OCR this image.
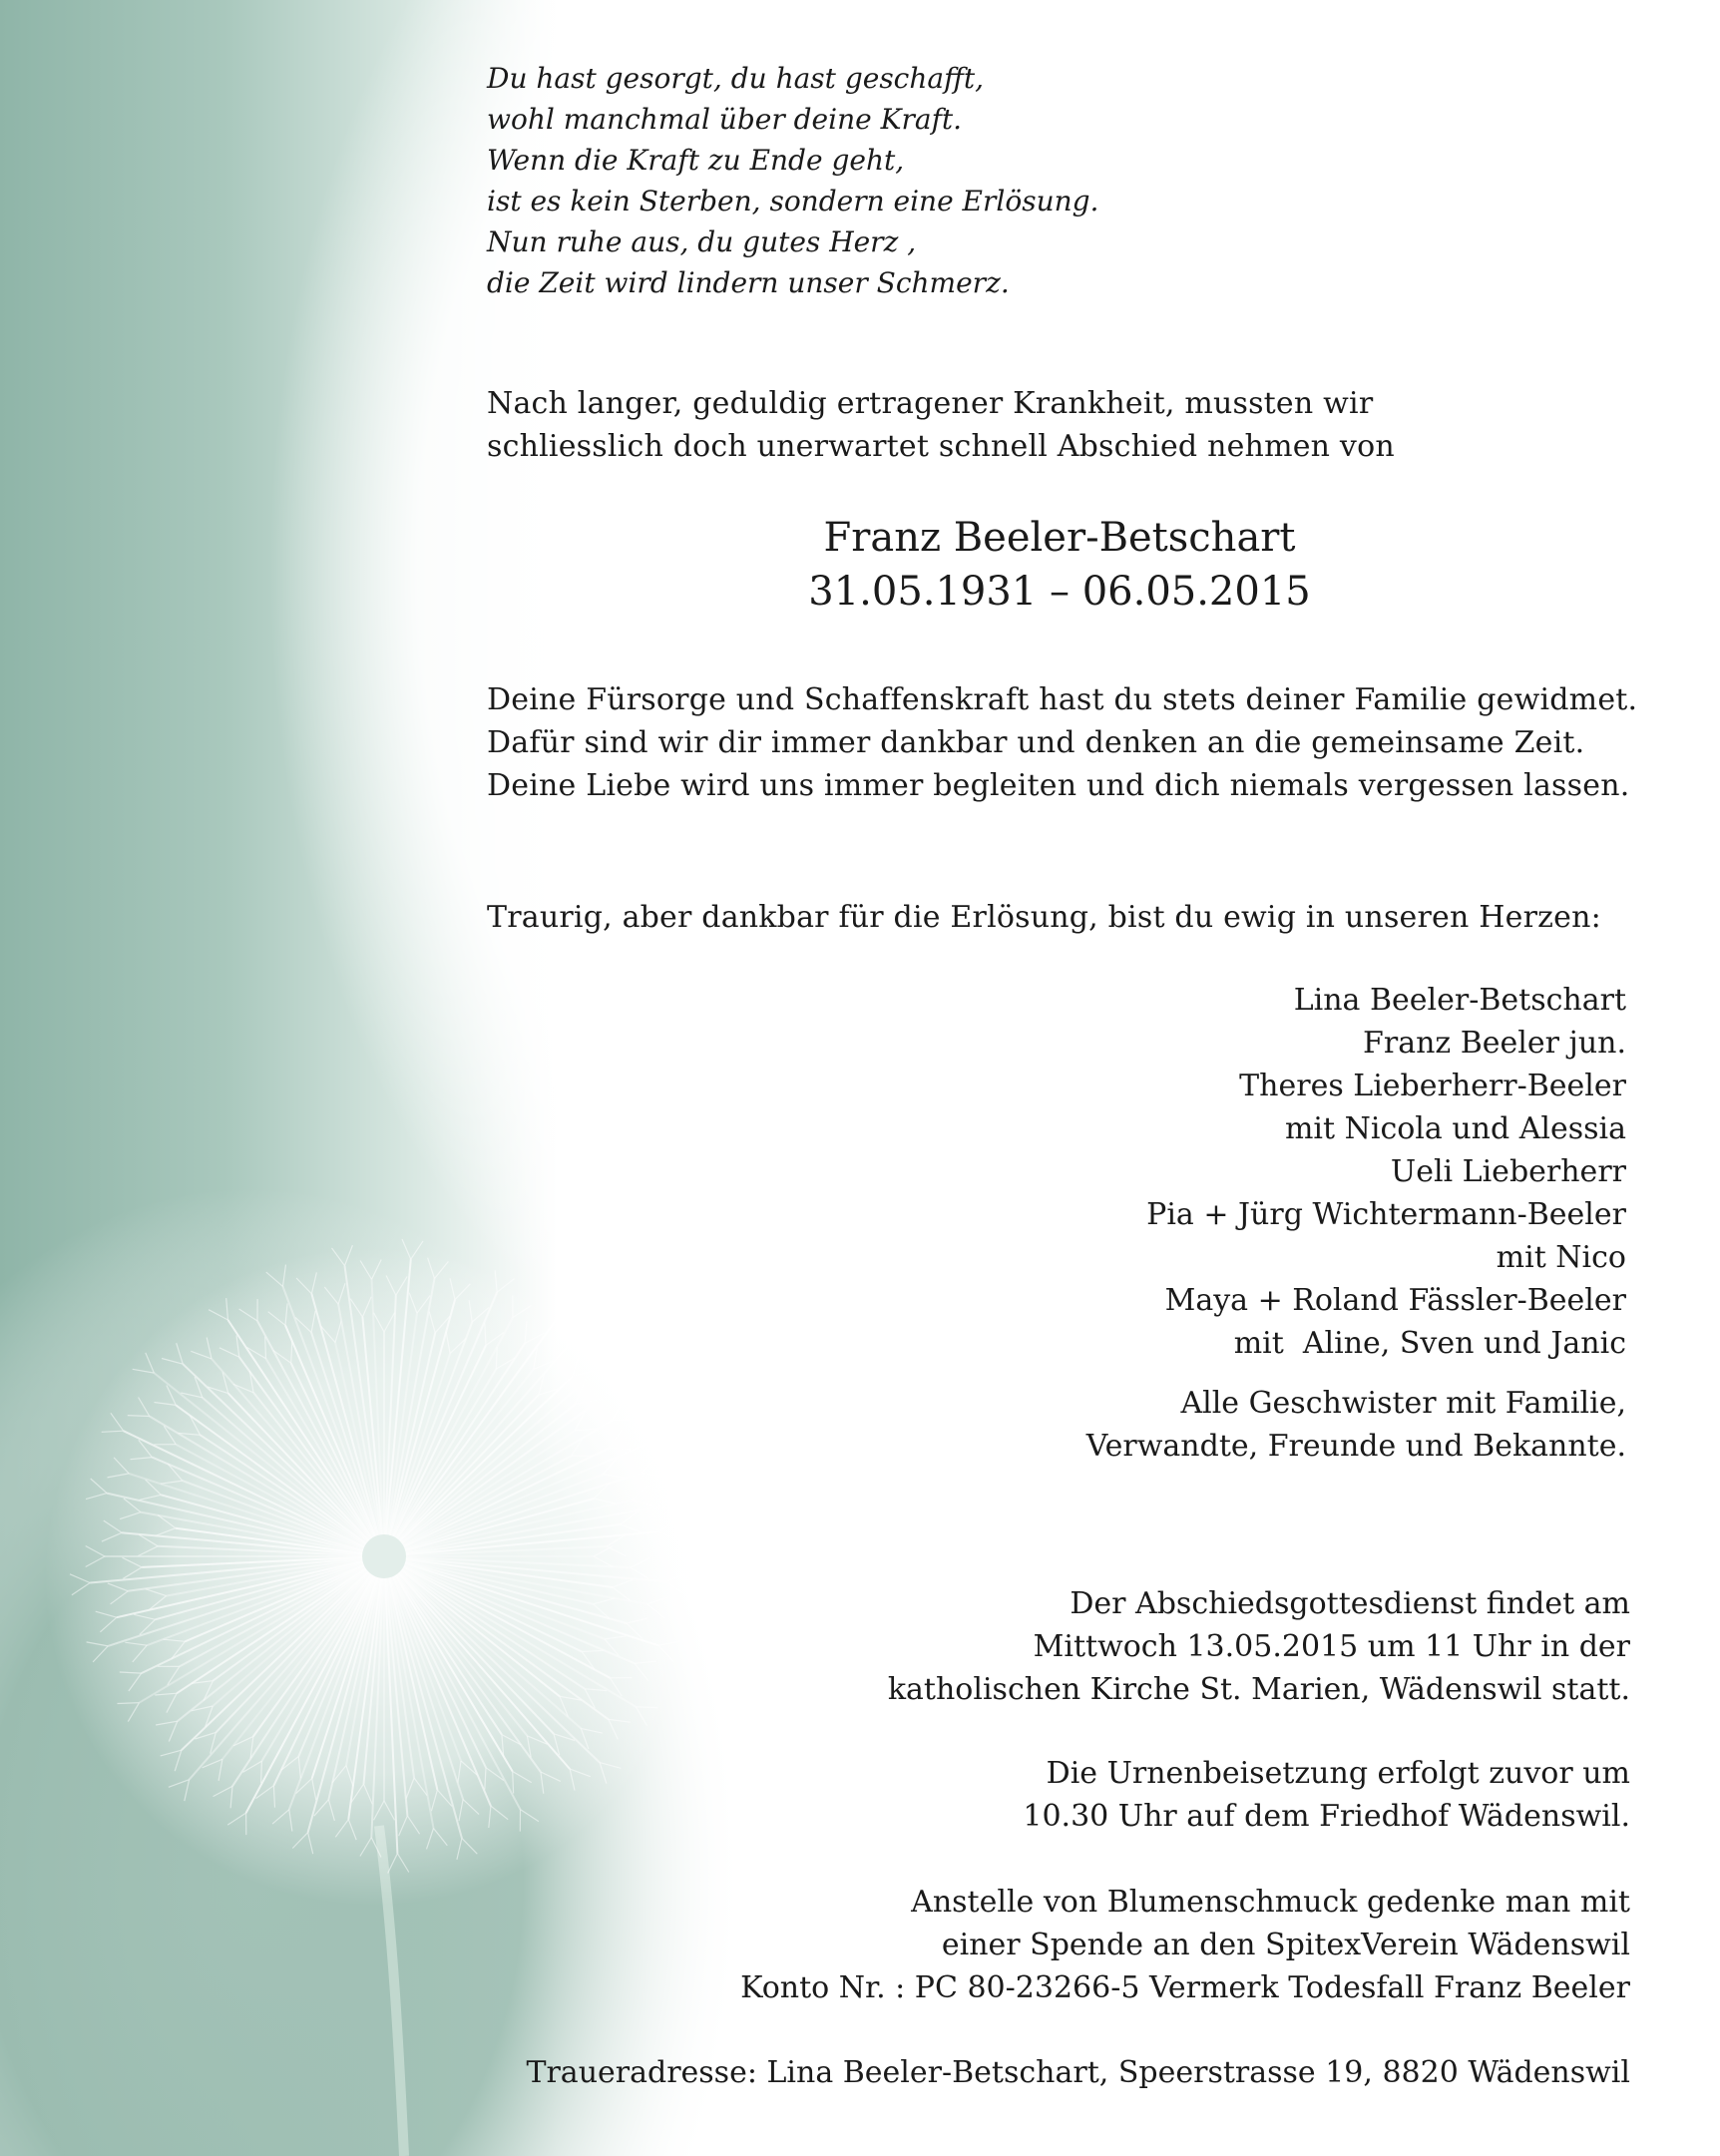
Du hast gesorgt, du hast geschafft,
wohl manchmal über deine Kraft.
Wenn die Kraft zu Ende geht,
ist es kein Sterben, sondern eine Erlösung.
Nun ruhe aus, du gutes Herz ,
die Zeit wird lindern unser Schmerz.
Nach langer, geduldig ertragener Krankheit, mussten wir
schliesslich doch unerwartet schnell Abschied nehmen von
Franz Beeler-Betschart
31.05.1931 – 06.05.2015
Deine Fürsorge und Schaffenskraft hast du stets deiner Familie gewidmet.
Dafür sind wir dir immer dankbar und denken an die gemeinsame Zeit.
Deine Liebe wird uns immer begleiten und dich niemals vergessen lassen.
Traurig, aber dankbar für die Erlösung, bist du ewig in unseren Herzen:
Lina Beeler-Betschart
Franz Beeler jun.
Theres Lieberherr-Beeler
mit Nicola und Alessia
Ueli Lieberherr
Pia + Jürg Wichtermann-Beeler
mit Nico
Maya + Roland Fässler-Beeler
mit  Aline, Sven und Janic
Alle Geschwister mit Familie,
Verwandte, Freunde und Bekannte.
Der Abschiedsgottesdienst findet am
Mittwoch 13.05.2015 um 11 Uhr in der
katholischen Kirche St. Marien, Wädenswil statt.
Die Urnenbeisetzung erfolgt zuvor um
10.30 Uhr auf dem Friedhof Wädenswil.
Anstelle von Blumenschmuck gedenke man mit
einer Spende an den SpitexVerein Wädenswil
Konto Nr. : PC 80-23266-5 Vermerk Todesfall Franz Beeler
Traueradresse: Lina Beeler-Betschart, Speerstrasse 19, 8820 Wädenswil
